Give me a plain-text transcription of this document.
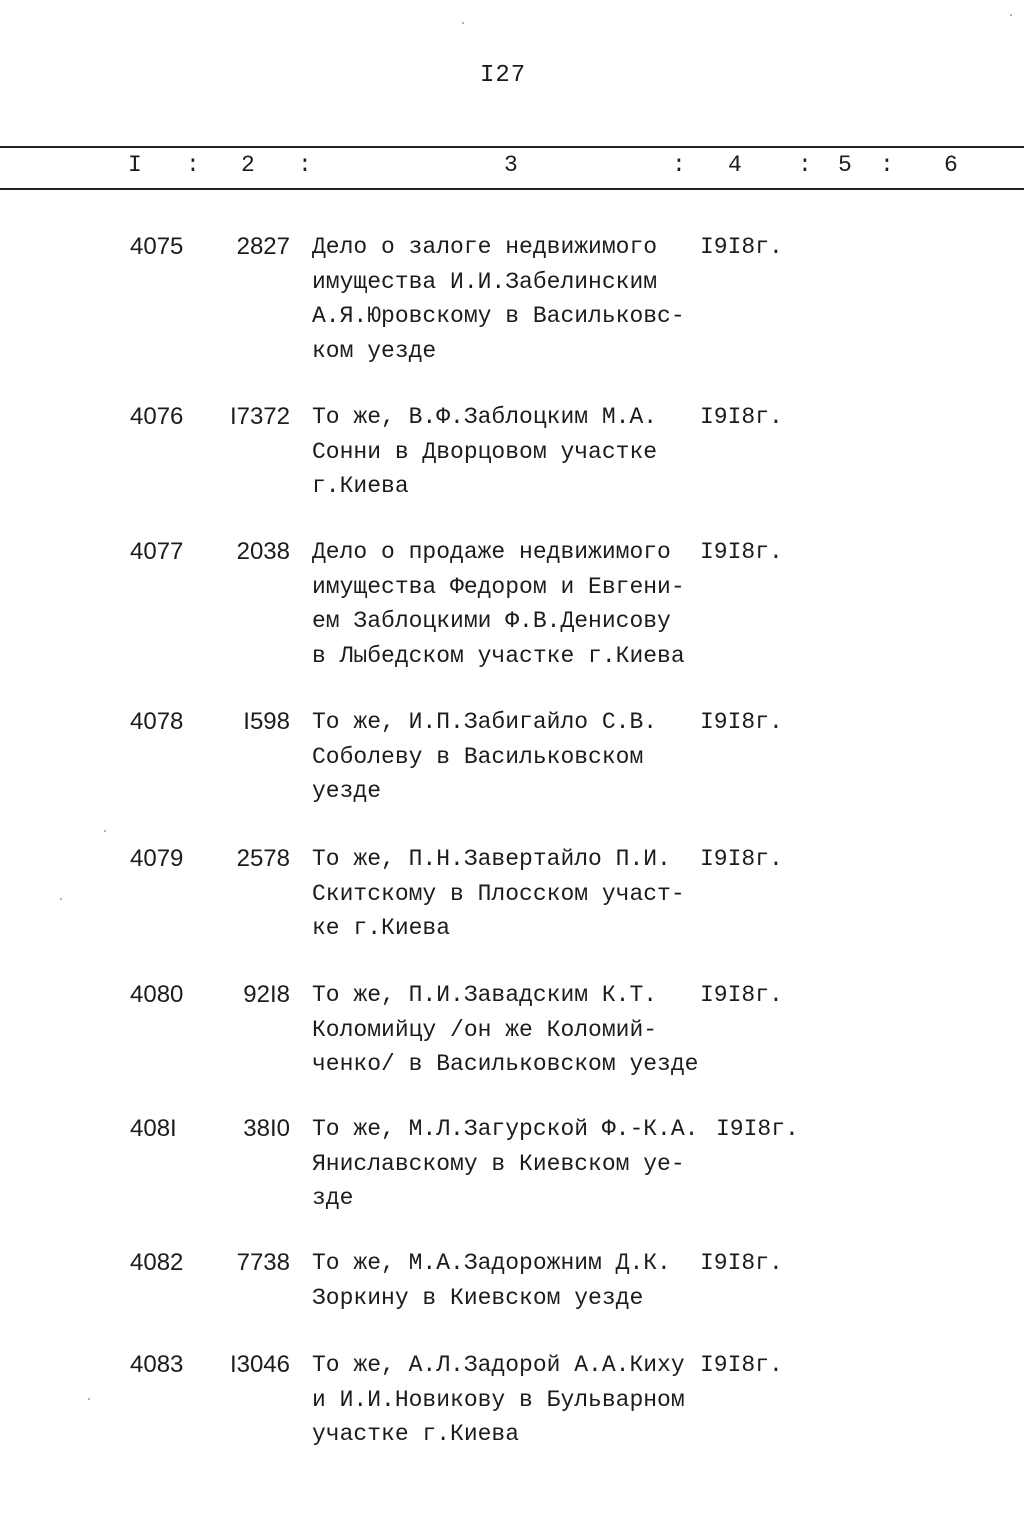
I27
I : 2 :	3	: 4 : 5 : 6
4075	2827 Дело о залоге недвижимого
имущества И.И.Забелинским
А.Я.Юровскому в Васильковс-
ком уезде
I9I8г.
4076	I7372 То же, В.Ф.Заблоцким М.А.
Сонни в Дворцовом участке
г.Киева
I9I8г.
4077	2038 Дело о продаже недвижимого
имущества Федором и Евгени-
ем Заблоцкими Ф.В.Денисову
в Лыбедском участке г.Киева
I9I8г.
4078	I598 То же, И.П.Забигайло С.В.
Соболеву в Васильковском
уезде
I9I8г.
4079	2578 То же, П.Н.Завертайло П.И.
Скитскому в Плосском участ-
ке г.Киева
I9I8г.
4080	92I8 То же, П.И.Завадским К.Т.
Коломийцу /он же Коломий-
ченко/ в Васильковском уезде
I9I8г.
408I	38I0 То же, М.Л.Загурской Ф.-К.А.
Яниславскому в Киевском уе-
зде
I9I8г.
4082	7738 То же, М.А.Задорожним Д.К.
Зоркину в Киевском уезде
I9I8г.
4083	I3046 То же, А.Л.Задорой А.А.Киху
и И.И.Новикову в Бульварном
участке г.Киева
I9I8г.
